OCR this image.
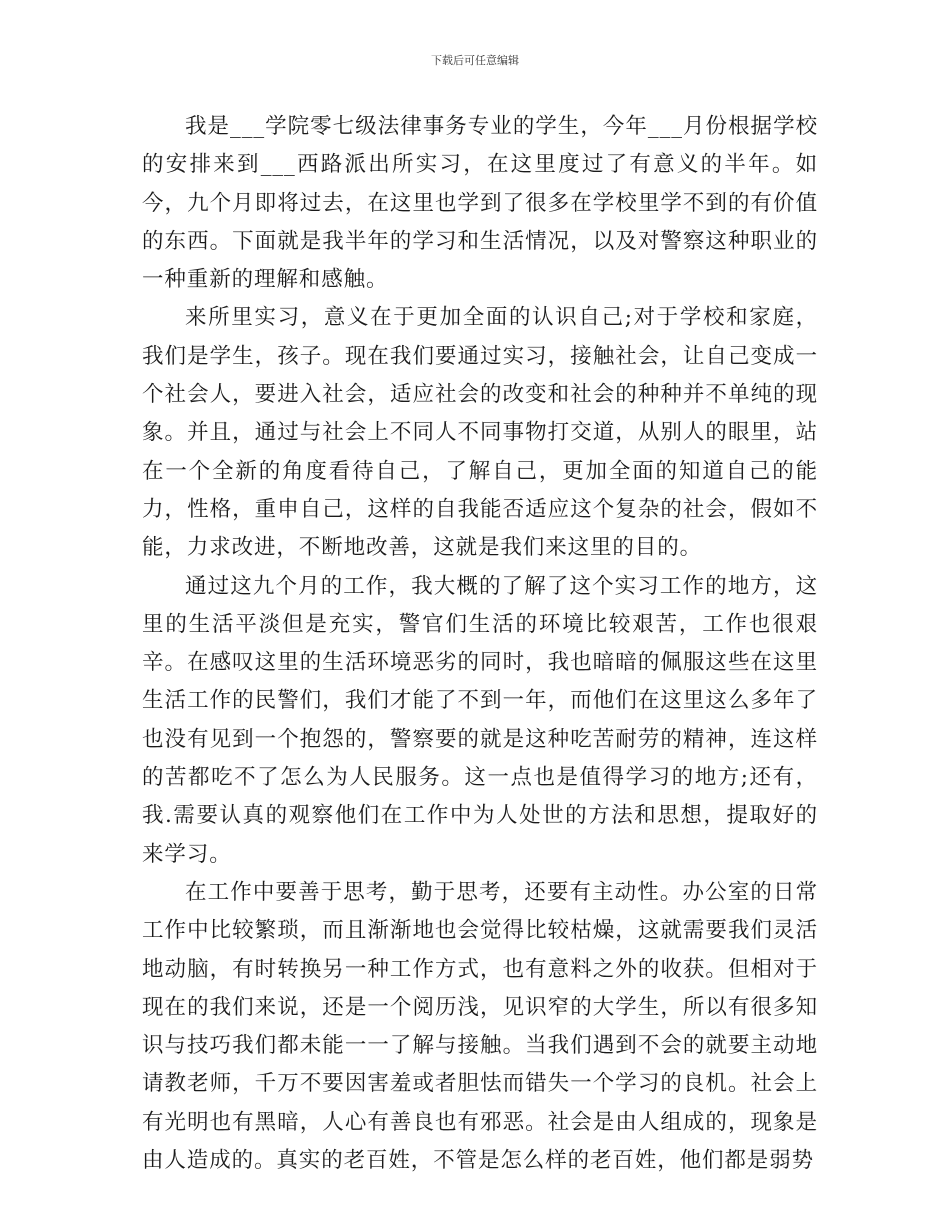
下载后可任意编辑

我是___学院零七级法律事务专业的学生，今年___月份根据学校的安排来到___西路派出所实习，在这里度过了有意义的半年。如今，九个月即将过去，在这里也学到了很多在学校里学不到的有价值的东西。下面就是我半年的学习和生活情况，以及对警察这种职业的一种重新的理解和感触。

来所里实习，意义在于更加全面的认识自己;对于学校和家庭，我们是学生，孩子。现在我们要通过实习，接触社会，让自己变成一个社会人，要进入社会，适应社会的改变和社会的种种并不单纯的现象。并且，通过与社会上不同人不同事物打交道，从别人的眼里，站在一个全新的角度看待自己，了解自己，更加全面的知道自己的能力，性格，重申自己，这样的自我能否适应这个复杂的社会，假如不能，力求改进，不断地改善，这就是我们来这里的目的。

通过这九个月的工作，我大概的了解了这个实习工作的地方，这里的生活平淡但是充实，警官们生活的环境比较艰苦，工作也很艰辛。在感叹这里的生活环境恶劣的同时，我也暗暗的佩服这些在这里生活工作的民警们，我们才能了不到一年，而他们在这里这么多年了也没有见到一个抱怨的，警察要的就是这种吃苦耐劳的精神，连这样的苦都吃不了怎么为人民服务。这一点也是值得学习的地方;还有，我.需要认真的观察他们在工作中为人处世的方法和思想，提取好的来学习。

在工作中要善于思考，勤于思考，还要有主动性。办公室的日常工作中比较繁琐，而且渐渐地也会觉得比较枯燥，这就需要我们灵活地动脑，有时转换另一种工作方式，也有意料之外的收获。但相对于现在的我们来说，还是一个阅历浅，见识窄的大学生，所以有很多知识与技巧我们都未能一一了解与接触。当我们遇到不会的就要主动地请教老师，千万不要因害羞或者胆怯而错失一个学习的良机。社会上有光明也有黑暗，人心有善良也有邪恶。社会是由人组成的，现象是由人造成的。真实的老百姓，不管是怎么样的老百姓，他们都是弱势
